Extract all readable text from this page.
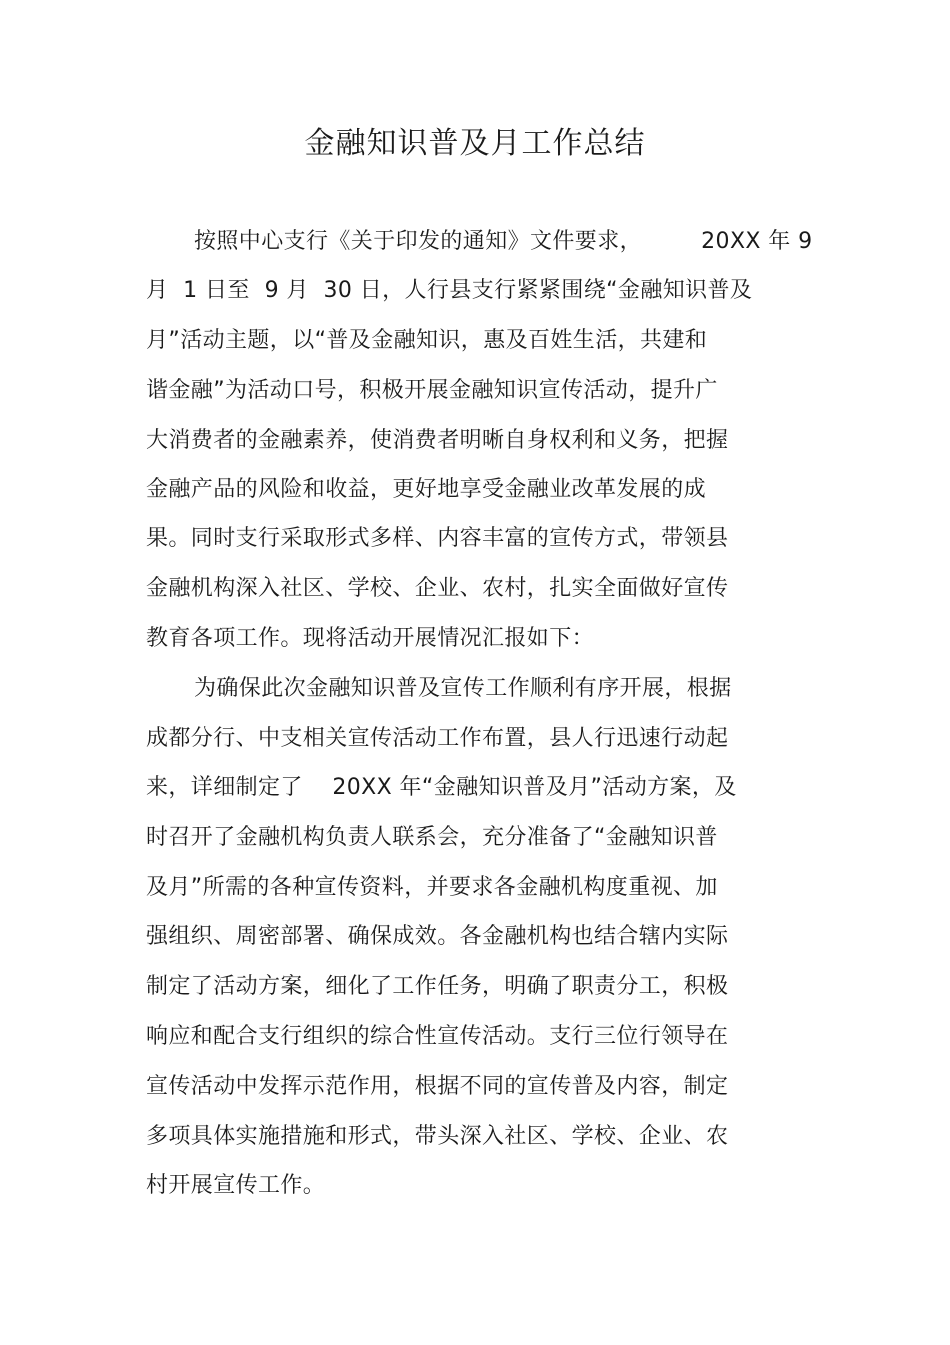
金融知识普及月工作总结
按照中心支行《关于印发的通知》文件要求，        20XX 年 9
月  1 日至  9 月  30 日，人行县支行紧紧围绕“金融知识普及
月”活动主题，以“普及金融知识，惠及百姓生活，共建和
谐金融”为活动口号，积极开展金融知识宣传活动，提升广
大消费者的金融素养，使消费者明晰自身权利和义务，把握
金融产品的风险和收益，更好地享受金融业改革发展的成
果。同时支行采取形式多样、内容丰富的宣传方式，带领县
金融机构深入社区、学校、企业、农村，扎实全面做好宣传
教育各项工作。现将活动开展情况汇报如下：
为确保此次金融知识普及宣传工作顺利有序开展，根据
成都分行、中支相关宣传活动工作布置，县人行迅速行动起
来，详细制定了    20XX 年“金融知识普及月”活动方案，及
时召开了金融机构负责人联系会，充分准备了“金融知识普
及月”所需的各种宣传资料，并要求各金融机构度重视、加
强组织、周密部署、确保成效。各金融机构也结合辖内实际
制定了活动方案，细化了工作任务，明确了职责分工，积极
响应和配合支行组织的综合性宣传活动。支行三位行领导在
宣传活动中发挥示范作用，根据不同的宣传普及内容，制定
多项具体实施措施和形式，带头深入社区、学校、企业、农
村开展宣传工作。
